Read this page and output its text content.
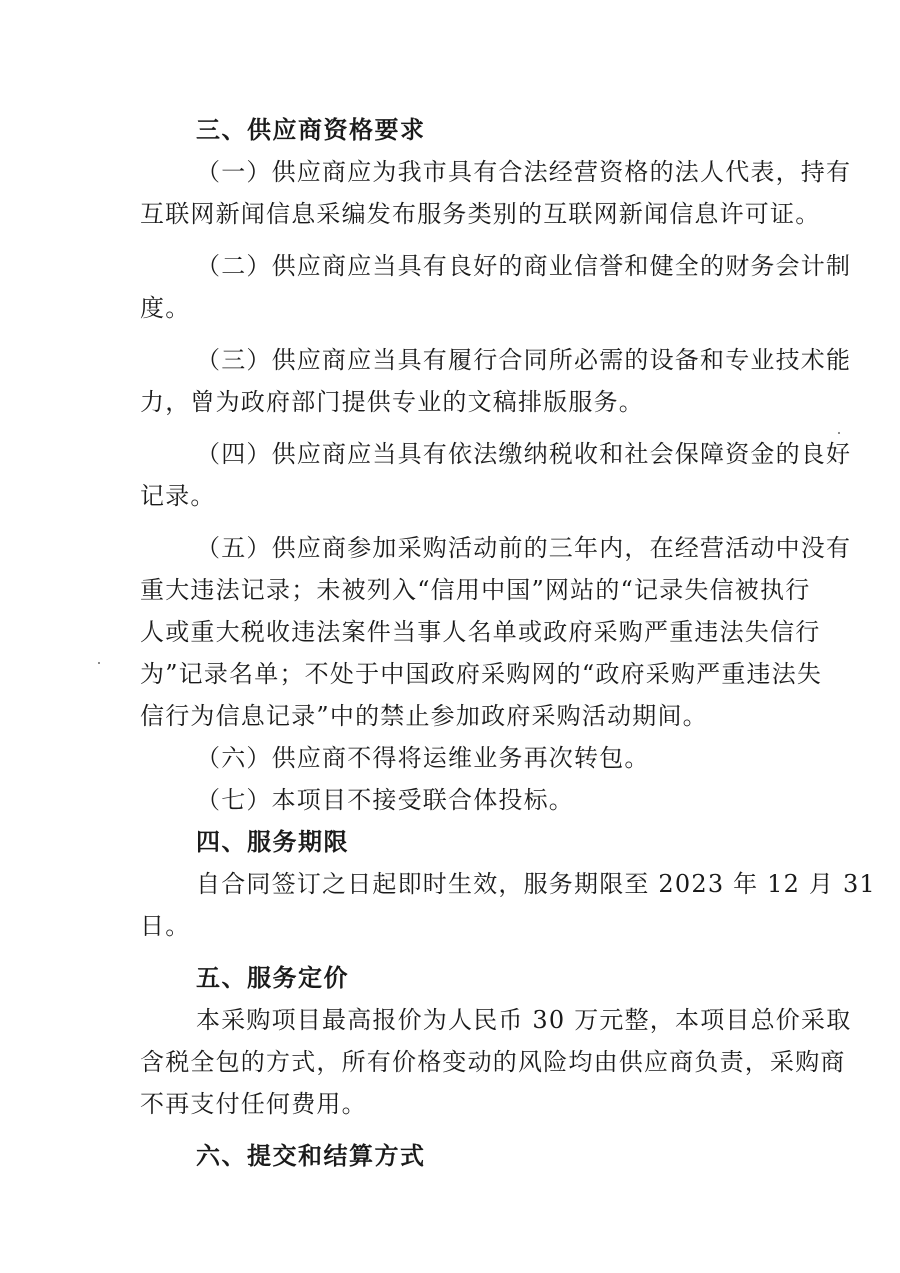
三、供应商资格要求
（一）供应商应为我市具有合法经营资格的法人代表，持有
互联网新闻信息采编发布服务类别的互联网新闻信息许可证。
（二）供应商应当具有良好的商业信誉和健全的财务会计制
度。
（三）供应商应当具有履行合同所必需的设备和专业技术能
力，曾为政府部门提供专业的文稿排版服务。
（四）供应商应当具有依法缴纳税收和社会保障资金的良好
记录。
（五）供应商参加采购活动前的三年内，在经营活动中没有
重大违法记录；未被列入“信用中国”网站的“记录失信被执行
人或重大税收违法案件当事人名单或政府采购严重违法失信行
为”记录名单；不处于中国政府采购网的“政府采购严重违法失
信行为信息记录”中的禁止参加政府采购活动期间。
（六）供应商不得将运维业务再次转包。
（七）本项目不接受联合体投标。
四、服务期限
自合同签订之日起即时生效，服务期限至 2023 年 12 月 31
日。
五、服务定价
本采购项目最高报价为人民币 30 万元整，本项目总价采取
含税全包的方式，所有价格变动的风险均由供应商负责，采购商
不再支付任何费用。
六、提交和结算方式
